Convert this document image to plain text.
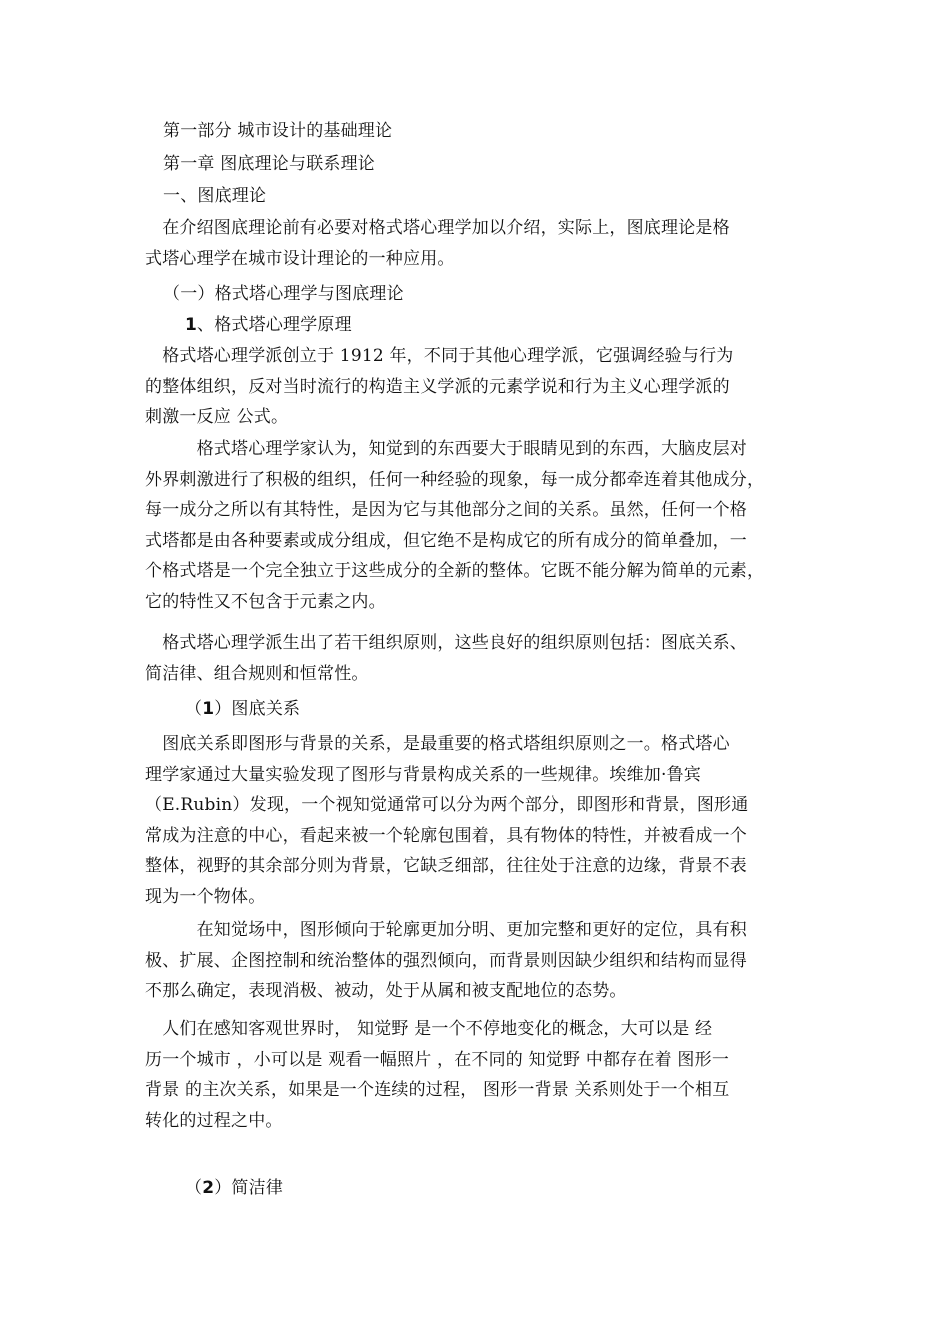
第一部分 城市设计的基础理论
第一章 图底理论与联系理论
一、图底理论
　在介绍图底理论前有必要对格式塔心理学加以介绍，实际上，图底理论是格
式塔心理学在城市设计理论的一种应用。
（一）格式塔心理学与图底理论
1、格式塔心理学原理
　格式塔心理学派创立于 1912 年，不同于其他心理学派，它强调经验与行为
的整体组织，反对当时流行的构造主义学派的元素学说和行为主义心理学派的
刺激一反应 公式。
　　　格式塔心理学家认为，知觉到的东西要大于眼睛见到的东西，大脑皮层对
外界刺激进行了积极的组织，任何一种经验的现象，每一成分都牵连着其他成分，
每一成分之所以有其特性，是因为它与其他部分之间的关系。虽然，任何一个格
式塔都是由各种要素或成分组成，但它绝不是构成它的所有成分的简单叠加，一
个格式塔是一个完全独立于这些成分的全新的整体。它既不能分解为简单的元素，
它的特性又不包含于元素之内。
　格式塔心理学派生出了若干组织原则，这些良好的组织原则包括：图底关系、
简洁律、组合规则和恒常性。
（1）图底关系
　图底关系即图形与背景的关系，是最重要的格式塔组织原则之一。格式塔心
理学家通过大量实验发现了图形与背景构成关系的一些规律。埃维加·鲁宾
（E.Rubin）发现，一个视知觉通常可以分为两个部分，即图形和背景，图形通
常成为注意的中心，看起来被一个轮廓包围着，具有物体的特性，并被看成一个
整体，视野的其余部分则为背景，它缺乏细部，往往处于注意的边缘，背景不表
现为一个物体。
　　　在知觉场中，图形倾向于轮廓更加分明、更加完整和更好的定位，具有积
极、扩展、企图控制和统治整体的强烈倾向，而背景则因缺少组织和结构而显得
不那么确定，表现消极、被动，处于从属和被支配地位的态势。
　人们在感知客观世界时， 知觉野 是一个不停地变化的概念，大可以是 经
历一个城市 ，小可以是 观看一幅照片 ，在不同的 知觉野 中都存在着 图形一
背景 的主次关系，如果是一个连续的过程， 图形一背景 关系则处于一个相互
转化的过程之中。
（2）简洁律
